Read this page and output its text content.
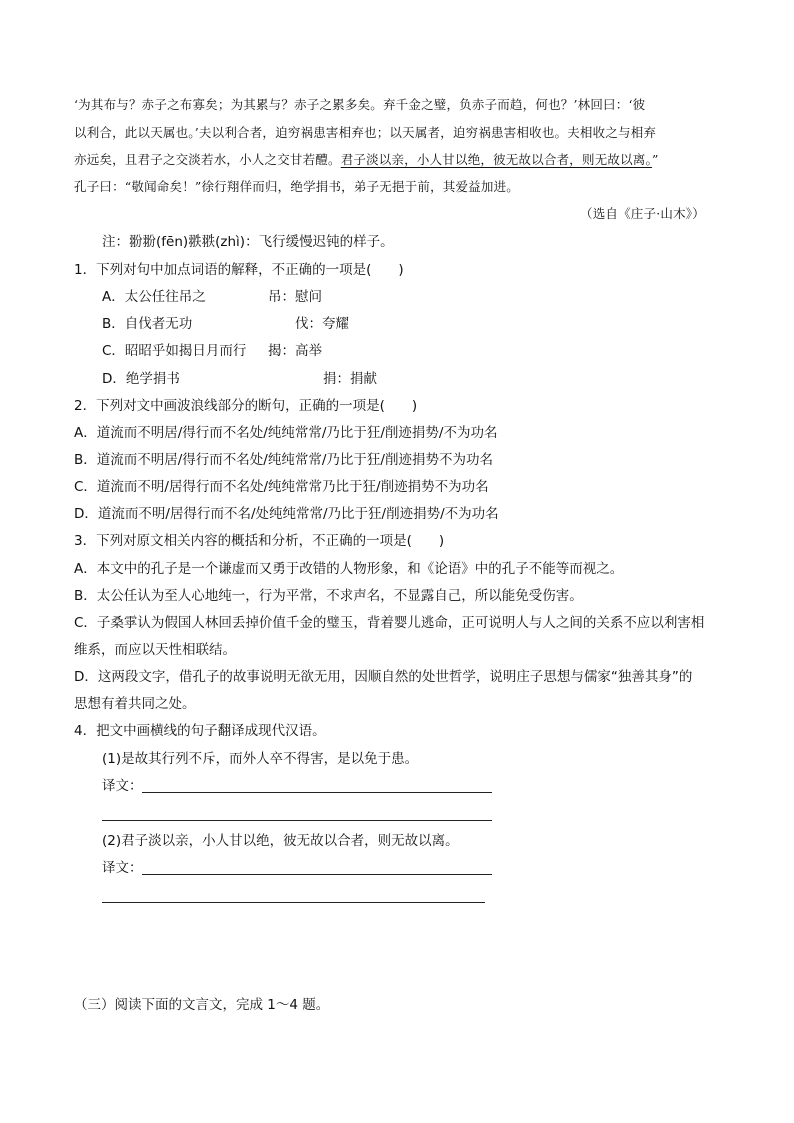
‘为其布与？赤子之布寡矣；为其累与？赤子之累多矣。弃千金之璧，负赤子而趋，何也？’林回曰：‘彼
以利合，此以天属也。’夫以利合者，迫穷祸患害相弃也；以天属者，迫穷祸患害相收也。夫相收之与相弃
亦远矣，且君子之交淡若水，小人之交甘若醴。君子淡以亲，小人甘以绝，彼无故以合者，则无故以离。”
孔子曰：“敬闻命矣！”徐行翔佯而归，绝学捐书，弟子无挹于前，其爱益加进。
（选自《庄子·山木》）
注：翂翂(fēn)翐翐(zhì)：飞行缓慢迟钝的样子。
1．下列对句中加点词语的解释，不正确的一项是(　　)
A．太公任往吊之	吊：慰问
B．自伐者无功	伐：夸耀
C．昭昭乎如揭日月而行 揭：高举
D．绝学捐书	捐：捐献
2．下列对文中画波浪线部分的断句，正确的一项是(　　)
A．道流而不明居/得行而不名处/纯纯常常/乃比于狂/削迹捐势/不为功名
B．道流而不明居/得行而不名处/纯纯常常/乃比于狂/削迹捐势不为功名
C．道流而不明/居得行而不名处/纯纯常常乃比于狂/削迹捐势不为功名
D．道流而不明/居得行而不名/处纯纯常常/乃比于狂/削迹捐势/不为功名
3．下列对原文相关内容的概括和分析，不正确的一项是(　　)
A．本文中的孔子是一个谦虚而又勇于改错的人物形象，和《论语》中的孔子不能等而视之。
B．太公任认为至人心地纯一，行为平常，不求声名，不显露自己，所以能免受伤害。
C．子桑雽认为假国人林回丢掉价值千金的璧玉，背着婴儿逃命，正可说明人与人之间的关系不应以利害相
维系，而应以天性相联结。
D．这两段文字，借孔子的故事说明无欲无用，因顺自然的处世哲学，说明庄子思想与儒家“独善其身”的
思想有着共同之处。
4．把文中画横线的句子翻译成现代汉语。
(1)是故其行列不斥，而外人卒不得害，是以免于患。
译文：
(2)君子淡以亲，小人甘以绝，彼无故以合者，则无故以离。
译文：
（三）阅读下面的文言文，完成 1～4 题。
